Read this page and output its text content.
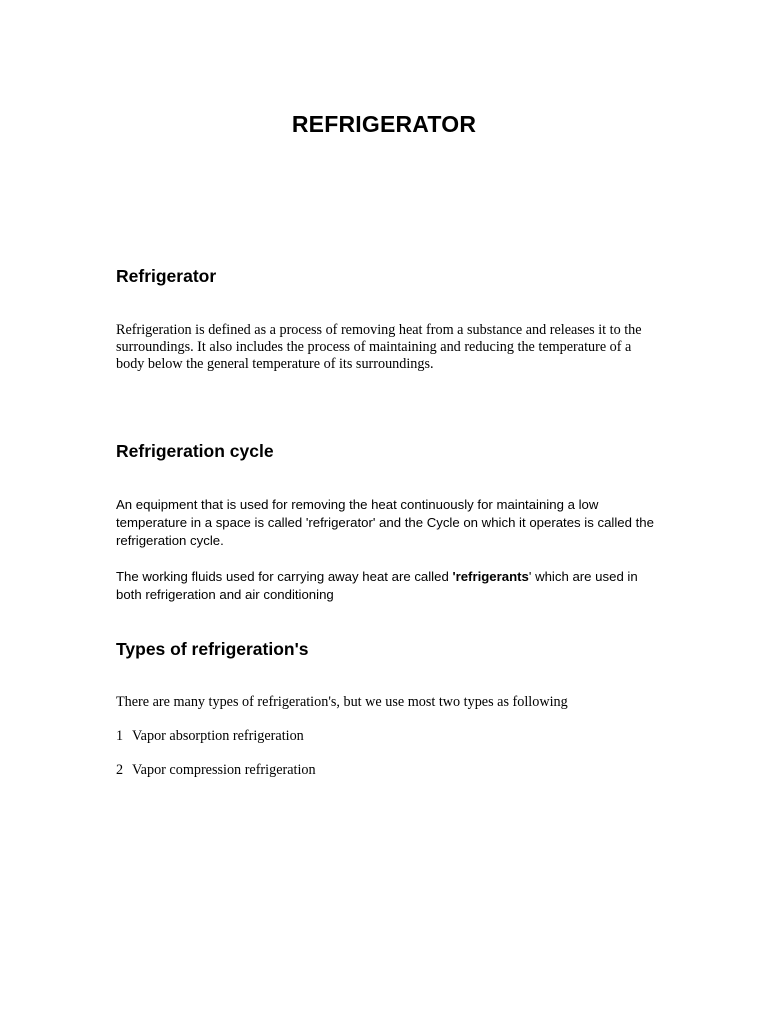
REFRIGERATOR
Refrigerator

Refrigeration is defined as a process of removing heat from a substance and releases it to the surroundings. It also includes the process of maintaining and reducing the temperature of a body below the general temperature of its surroundings.

Refrigeration cycle

An equipment that is used for removing the heat continuously for maintaining a low temperature in a space is called 'refrigerator' and the Cycle on which it operates is called the refrigeration cycle.

The working fluids used for carrying away heat are called 'refrigerants' which are used in both refrigeration and air conditioning

Types of refrigeration's

There are many types of refrigeration's, but we use most two types as following

1 Vapor absorption refrigeration

2 Vapor compression refrigeration
